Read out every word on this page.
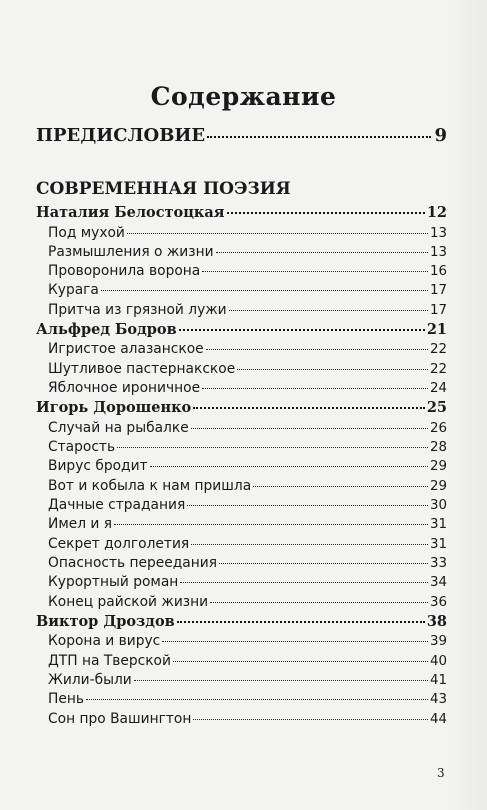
Содержание
ПРЕДИСЛОВИЕ	9
СОВРЕМЕННАЯ ПОЭЗИЯ
Наталия Белостоцкая	12
Под мухой	13
Размышления о жизни	13
Проворонила ворона	16
Курага	17
Притча из грязной лужи	17
Альфред Бодров	21
Игристое алазанское	22
Шутливое пастернакское	22
Яблочное ироничное	24
Игорь Дорошенко	25
Случай на рыбалке	26
Старость	28
Вирус бродит	29
Вот и кобыла к нам пришла	29
Дачные страдания	30
Имел и я	31
Секрет долголетия	31
Опасность переедания	33
Курортный роман	34
Конец райской жизни	36
Виктор Дроздов	38
Корона и вирус	39
ДТП на Тверской	40
Жили-были	41
Пень	43
Сон про Вашингтон	44
3
